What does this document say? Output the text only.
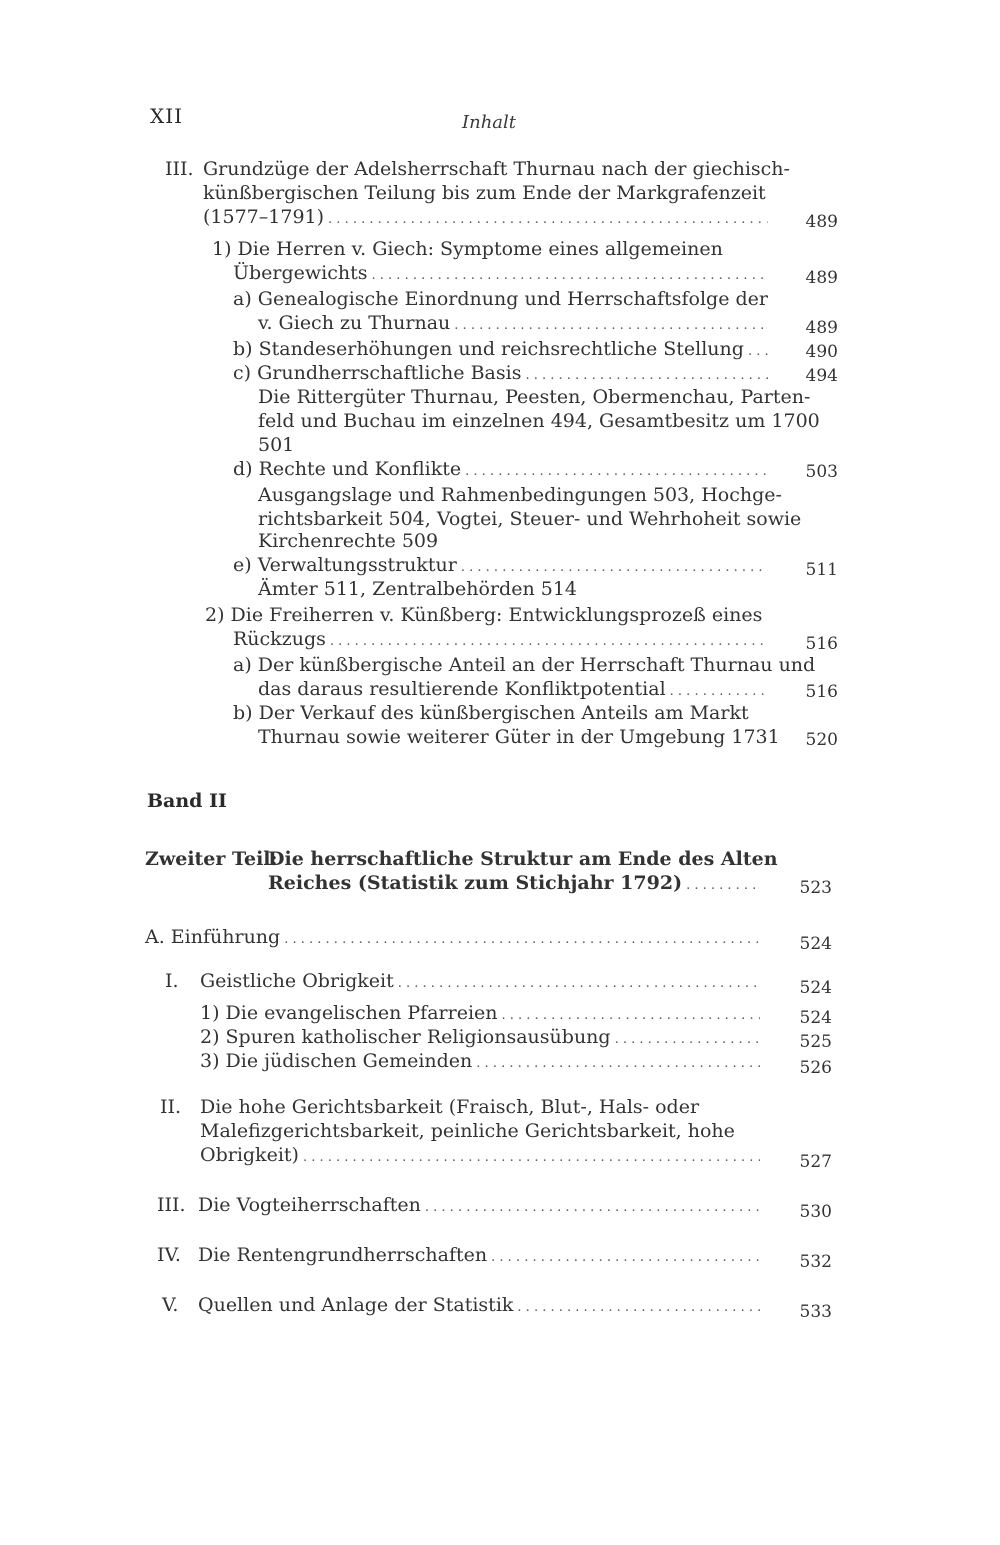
XII	Inhalt
III. Grundzüge der Adelsherrschaft Thurnau nach der giechisch-
künßbergischen Teilung bis zum Ende der Markgrafenzeit
(1577–1791) . . .	489
1) Die Herren v. Giech: Symptome eines allgemeinen
Übergewichts . . .	489
a) Genealogische Einordnung und Herrschaftsfolge der
v. Giech zu Thurnau . . .	489
b) Standeserhöhungen und reichsrechtliche Stellung . . .	490
c) Grundherrschaftliche Basis . . .	494
Die Rittergüter Thurnau, Peesten, Obermenchau, Parten-
feld und Buchau im einzelnen 494, Gesamtbesitz um 1700
501
d) Rechte und Konflikte . . .	503
Ausgangslage und Rahmenbedingungen 503, Hochge-
richtsbarkeit 504, Vogtei, Steuer- und Wehrhoheit sowie
Kirchenrechte 509
e) Verwaltungsstruktur . . .	511
Ämter 511, Zentralbehörden 514
2) Die Freiherren v. Künßberg: Entwicklungsprozeß eines
Rückzugs . . .	516
a) Der künßbergische Anteil an der Herrschaft Thurnau und
das daraus resultierende Konfliktpotential . . .	516
b) Der Verkauf des künßbergischen Anteils am Markt
Thurnau sowie weiterer Güter in der Umgebung 1731	520
Band II
Zweiter Teil:
Die herrschaftliche Struktur am Ende des Alten
Reiches (Statistik zum Stichjahr 1792) . . .	523
A. Einführung . . .	524
I. Geistliche Obrigkeit . . .	524
1) Die evangelischen Pfarreien . . .	524
2) Spuren katholischer Religionsausübung . . .	525
3) Die jüdischen Gemeinden . . .	526
II. Die hohe Gerichtsbarkeit (Fraisch, Blut-, Hals- oder
Malefizgerichtsbarkeit, peinliche Gerichtsbarkeit, hohe
Obrigkeit) . . .	527
III. Die Vogteiherrschaften . . .	530
IV. Die Rentengrundherrschaften . . .	532
V. Quellen und Anlage der Statistik . . .	533
